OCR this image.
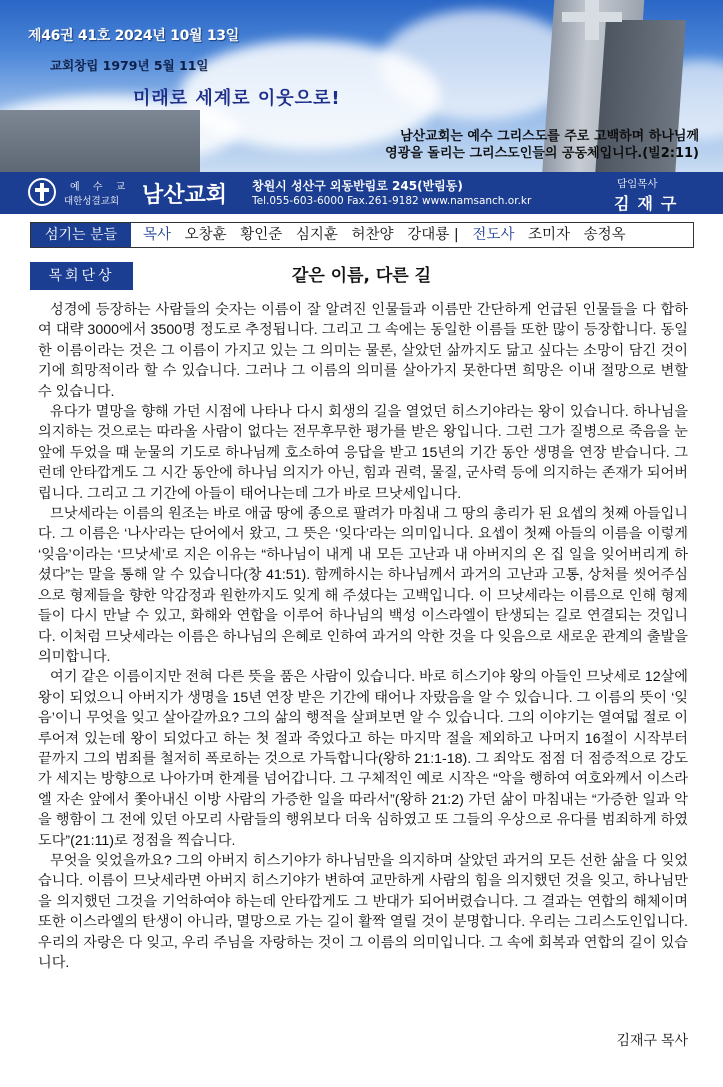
제46권 41호 2024년 10월 13일
교회창립 1979년 5월 11일
미래로 세계로 이웃으로!
남산교회는 예수 그리스도를 주로 고백하며 하나님께
영광을 돌리는 그리스도인들의 공동체입니다.(빌2:11)
예 수 교
대한성결교회 남산교회 창원시 성산구 외동반림로 245(반림동)
Tel.055-603-6000 Fax.261-9182 www.namsanch.or.kr
담임목사
김재구
섬기는 분들	목사 오창훈 황인준 심지훈 허찬양 강대룡 | 전도사 조미자 송정옥
같은 이름, 다른 길
목회단상

성경에 등장하는 사람들의 숫자는 이름이 잘 알려진 인물들과 이름만 간단하게 언급된 인물들을 다 합하여 대략 3000에서 3500명 정도로 추정됩니다. 그리고 그 속에는 동일한 이름들 또한 많이 등장합니다. 동일한 이름이라는 것은 그 이름이 가지고 있는 그 의미는 물론, 살았던 삶까지도 닮고 싶다는 소망이 담긴 것이기에 희망적이라 할 수 있습니다. 그러나 그 이름의 의미를 살아가지 못한다면 희망은 이내 절망으로 변할 수 있습니다.

유다가 멸망을 향해 가던 시점에 나타나 다시 회생의 길을 열었던 히스기야라는 왕이 있습니다. 하나님을 의지하는 것으로는 따라올 사람이 없다는 전무후무한 평가를 받은 왕입니다. 그런 그가 질병으로 죽음을 눈앞에 두었을 때 눈물의 기도로 하나님께 호소하여 응답을 받고 15년의 기간 동안 생명을 연장 받습니다. 그런데 안타깝게도 그 시간 동안에 하나님 의지가 아닌, 힘과 권력, 물질, 군사력 등에 의지하는 존재가 되어버립니다. 그리고 그 기간에 아들이 태어나는데 그가 바로 므낫세입니다.

므낫세라는 이름의 원조는 바로 애굽 땅에 종으로 팔려가 마침내 그 땅의 총리가 된 요셉의 첫째 아들입니다. 그 이름은 ‘나사’라는 단어에서 왔고, 그 뜻은 ‘잊다’라는 의미입니다. 요셉이 첫째 아들의 이름을 이렇게 ‘잊음’이라는 ‘므낫세’로 지은 이유는 “하나님이 내게 내 모든 고난과 내 아버지의 온 집 일을 잊어버리게 하셨다”는 말을 통해 알 수 있습니다(창 41:51). 함께하시는 하나님께서 과거의 고난과 고통, 상처를 씻어주심으로 형제들을 향한 악감정과 원한까지도 잊게 해 주셨다는 고백입니다. 이 므낫세라는 이름으로 인해 형제들이 다시 만날 수 있고, 화해와 연합을 이루어 하나님의 백성 이스라엘이 탄생되는 길로 연결되는 것입니다. 이처럼 므낫세라는 이름은 하나님의 은혜로 인하여 과거의 악한 것을 다 잊음으로 새로운 관계의 출발을 의미합니다.

여기 같은 이름이지만 전혀 다른 뜻을 품은 사람이 있습니다. 바로 히스기야 왕의 아들인 므낫세로 12살에 왕이 되었으니 아버지가 생명을 15년 연장 받은 기간에 태어나 자랐음을 알 수 있습니다. 그 이름의 뜻이 ‘잊음’이니 무엇을 잊고 살아갈까요? 그의 삶의 행적을 살펴보면 알 수 있습니다. 그의 이야기는 열여덟 절로 이루어져 있는데 왕이 되었다고 하는 첫 절과 죽었다고 하는 마지막 절을 제외하고 나머지 16절이 시작부터 끝까지 그의 범죄를 철저히 폭로하는 것으로 가득합니다(왕하 21:1-18). 그 죄악도 점점 더 점증적으로 강도가 세지는 방향으로 나아가며 한계를 넘어갑니다. 그 구체적인 예로 시작은 “악을 행하여 여호와께서 이스라엘 자손 앞에서 쫓아내신 이방 사람의 가증한 일을 따라서”(왕하 21:2) 가던 삶이 마침내는 “가증한 일과 악을 행함이 그 전에 있던 아모리 사람들의 행위보다 더욱 심하였고 또 그들의 우상으로 유다를 범죄하게 하였도다”(21:11)로 정점을 찍습니다.

무엇을 잊었을까요? 그의 아버지 히스기야가 하나님만을 의지하며 살았던 과거의 모든 선한 삶을 다 잊었습니다. 이름이 므낫세라면 아버지 히스기야가 변하여 교만하게 사람의 힘을 의지했던 것을 잊고, 하나님만을 의지했던 그것을 기억하여야 하는데 안타깝게도 그 반대가 되어버렸습니다. 그 결과는 연합의 해체이며 또한 이스라엘의 탄생이 아니라, 멸망으로 가는 길이 활짝 열릴 것이 분명합니다. 우리는 그리스도인입니다. 우리의 자랑은 다 잊고, 우리 주님을 자랑하는 것이 그 이름의 의미입니다. 그 속에 회복과 연합의 길이 있습니다.

김재구 목사
